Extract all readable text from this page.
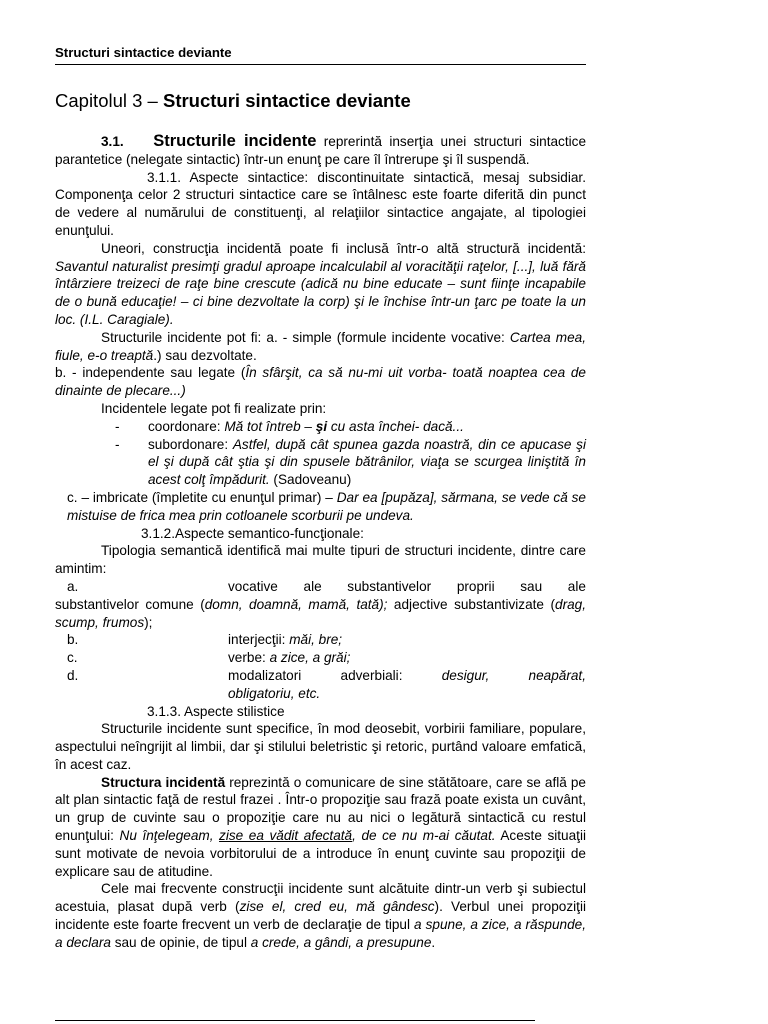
Structuri sintactice deviante
Capitolul 3 – Structuri sintactice deviante

3.1. Structurile incidente reprerintă inserţia unei structuri sintactice parantetice (nelegate sintactic) într-un enunţ pe care îl întrerupe şi îl suspendă.

3.1.1. Aspecte sintactice: discontinuitate sintactică, mesaj subsidiar. Componenţa celor 2 structuri sintactice care se întâlnesc este foarte diferită din punct de vedere al numărului de constituenţi, al relaţiilor sintactice angajate, al tipologiei enunţului.

Uneori, construcţia incidentă poate fi inclusă într-o altă structură incidentă: Savantul naturalist presimţi gradul aproape incalculabil al voracităţii raţelor, [...], luă fără întârziere treizeci de raţe bine crescute (adică nu bine educate – sunt fiinţe incapabile de o bună educaţie! – ci bine dezvoltate la corp) şi le închise într-un ţarc pe toate la un loc. (I.L. Caragiale).

Structurile incidente pot fi: a. - simple (formule incidente vocative: Cartea mea, fiule, e-o treaptă.) sau dezvoltate.

b. - independente sau legate (În sfârşit, ca să nu-mi uit vorba- toată noaptea cea de dinainte de plecare...)

Incidentele legate pot fi realizate prin:

- coordonare: Mă tot întreb – şi cu asta închei- dacă...
- subordonare: Astfel, după cât spunea gazda noastră, din ce apucase şi el şi după cât ştia şi din spusele bătrânilor, viaţa se scurgea liniştită în acest colţ împădurit. (Sadoveanu)

c. – imbricate (împletite cu enunţul primar) – Dar ea [pupăza], sărmana, se vede că se mistuise de frica mea prin cotloanele scorburii pe undeva.

3.1.2.Aspecte semantico-funcţionale:

Tipologia semantică identifică mai multe tipuri de structuri incidente, dintre care amintim:

a.	vocative ale substantivelor proprii sau ale
substantivelor comune (domn, doamnă, mamă, tată); adjective substantivizate (drag, scump, frumos);
b.	interjecţii: măi, bre;
c.	verbe: a zice, a grăi;
d.	modalizatori	adverbiali:	desigur,	neapărat,
obligatoriu, etc.

3.1.3. Aspecte stilistice

Structurile incidente sunt specifice, în mod deosebit, vorbirii familiare, populare, aspectului neîngrijit al limbii, dar şi stilului beletristic şi retoric, purtând valoare emfatică, în acest caz.

Structura incidentă reprezintă o comunicare de sine stătătoare, care se află pe alt plan sintactic faţă de restul frazei . Într-o propoziţie sau frază poate exista un cuvânt, un grup de cuvinte sau o propoziţie care nu au nici o legătură sintactică cu restul enunţului: Nu înţelegeam, zise ea vădit afectată, de ce nu m-ai căutat. Aceste situaţii sunt motivate de nevoia vorbitorului de a introduce în enunţ cuvinte sau propoziţii de explicare sau de atitudine.

Cele mai frecvente construcţii incidente sunt alcătuite dintr-un verb şi subiectul acestuia, plasat după verb (zise el, cred eu, mă gândesc). Verbul unei propoziţii incidente este foarte frecvent un verb de declaraţie de tipul a spune, a zice, a răspunde, a declara sau de opinie, de tipul a crede, a gândi, a presupune.
